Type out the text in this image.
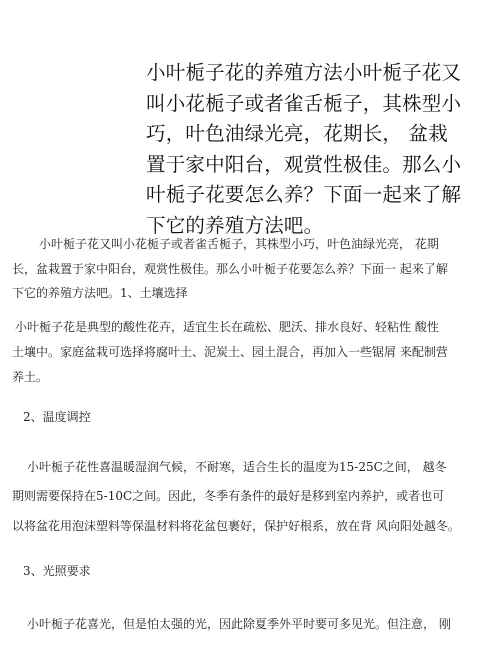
小叶栀子花的养殖方法小叶栀子花又
叫小花栀子或者雀舌栀子，其株型小
巧，叶色油绿光亮，花期长， 盆栽
置于家中阳台，观赏性极佳。那么小
叶栀子花要怎么养？下面一起来了解
下它的养殖方法吧。
小叶栀子花又叫小花栀子或者雀舌栀子，其株型小巧，叶色油绿光亮， 花期
长，盆栽置于家中阳台，观赏性极佳。那么小叶栀子花要怎么养？下面一 起来了解
下它的养殖方法吧。1、土壤选择
小叶栀子花是典型的酸性花卉，适宜生长在疏松、肥沃、排水良好、轻粘性 酸性
土壤中。家庭盆栽可选择将腐叶土、泥炭土、园土混合，再加入一些锯屑 来配制营
养土。
2、温度调控
小叶栀子花性喜温暖湿润气候，不耐寒，适合生长的温度为15-25C之间， 越冬
期则需要保持在5-10C之间。因此，冬季有条件的最好是移到室内养护，或者也可
以将盆花用泡沫塑料等保温材料将花盆包裹好，保护好根系，放在背 风向阳处越冬。
3、光照要求
小叶栀子花喜光，但是怕太强的光，因此除夏季外平时要可多见光。但注意， 刚
